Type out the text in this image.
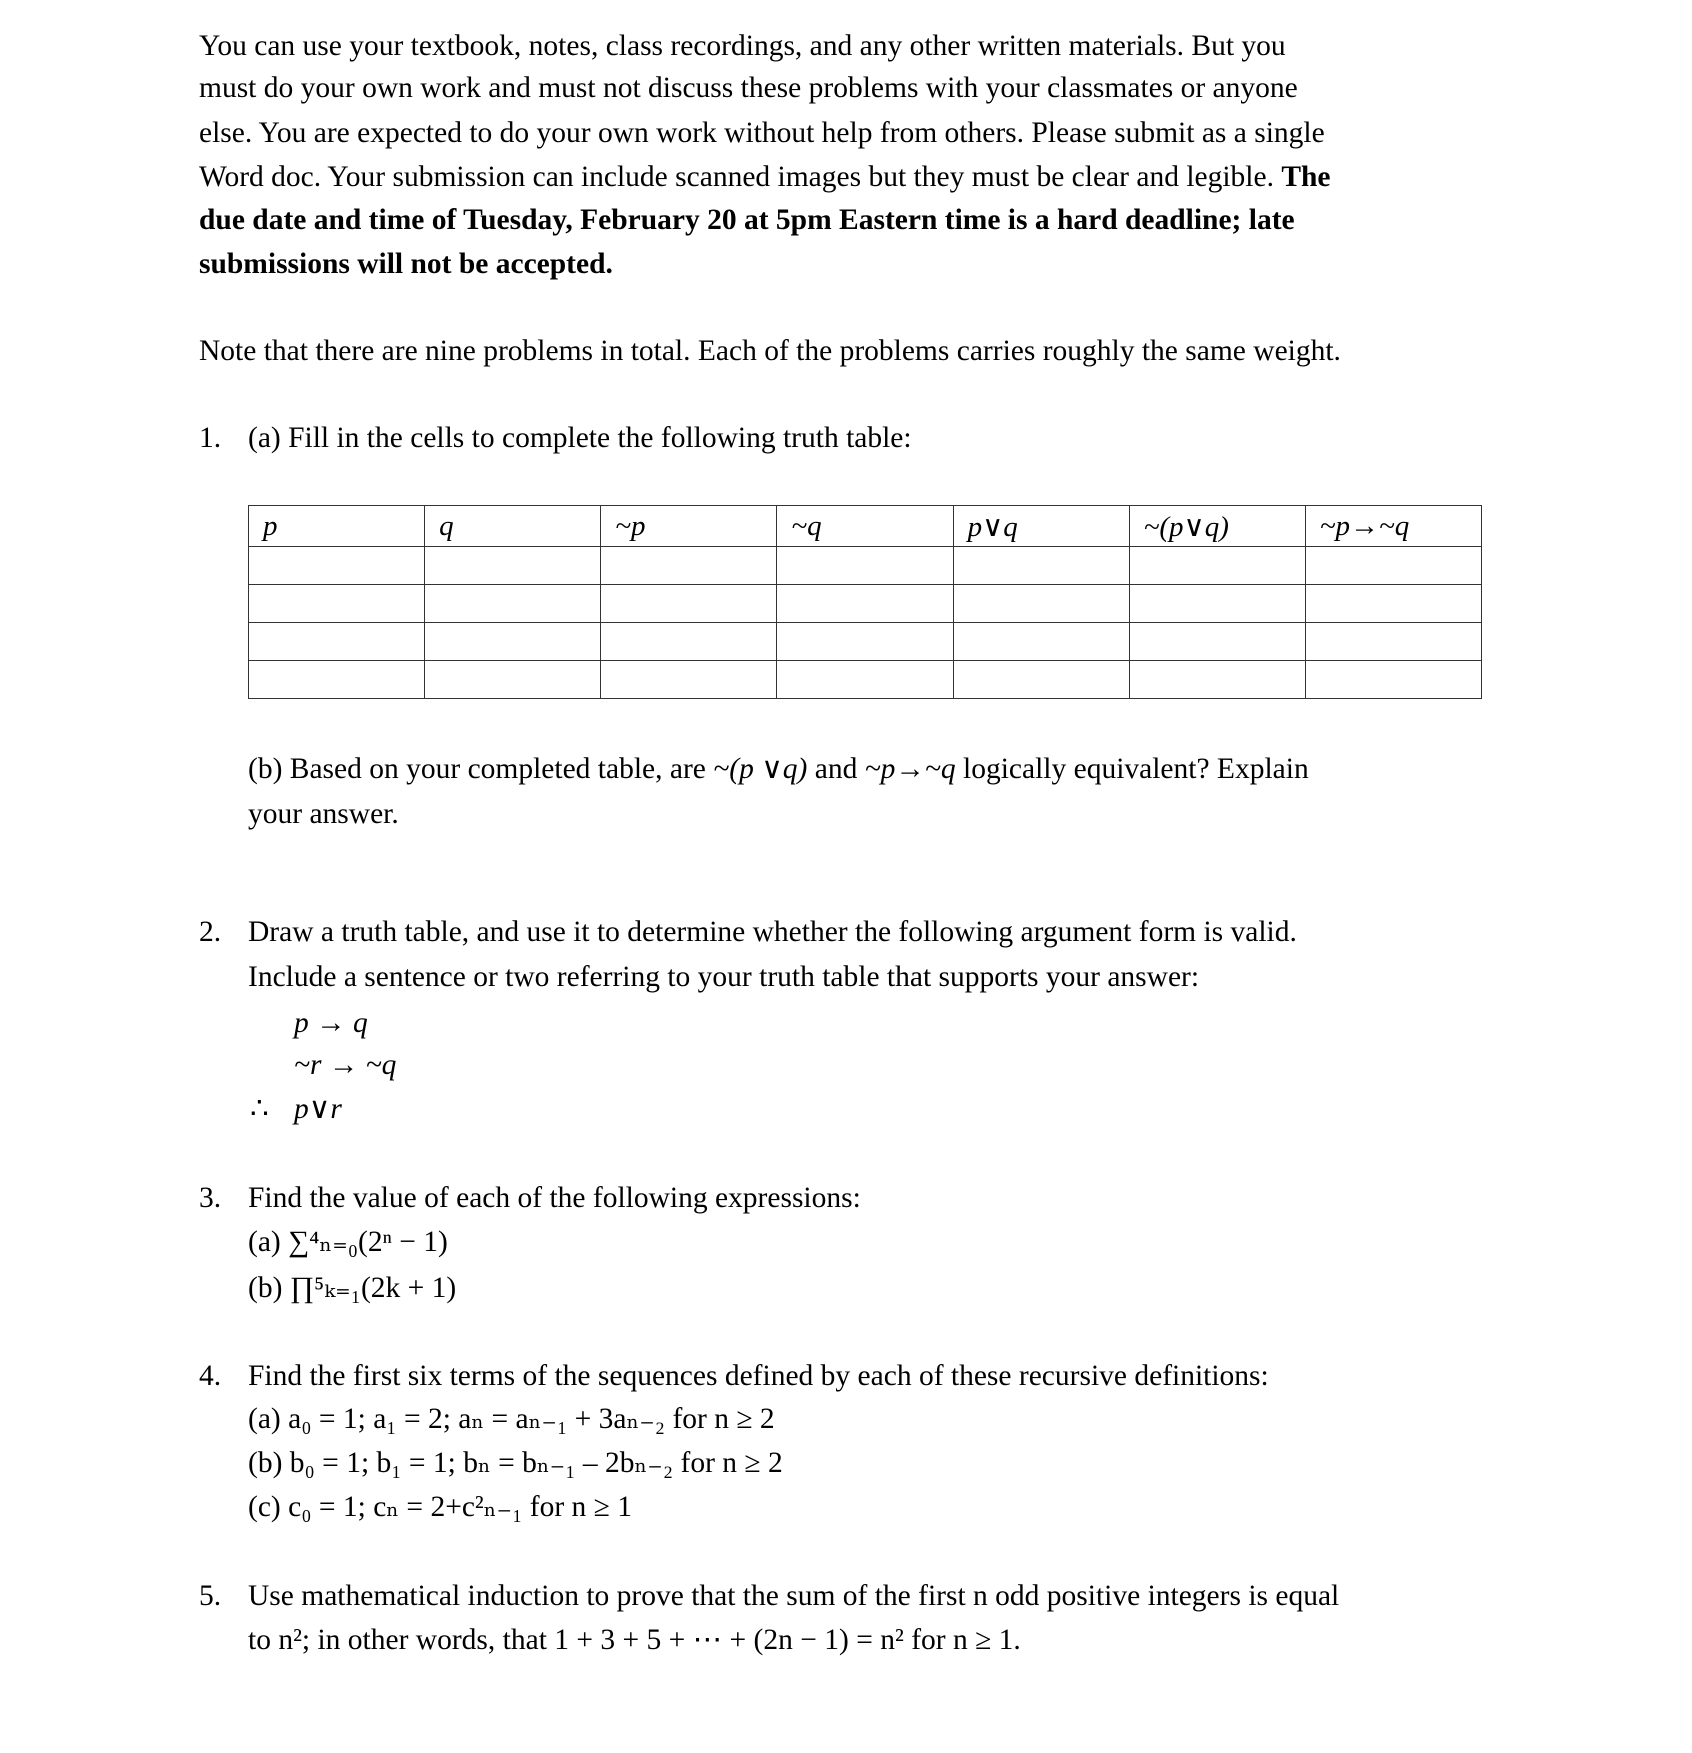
You can use your textbook, notes, class recordings, and any other written materials. But you
must do your own work and must not discuss these problems with your classmates or anyone
else. You are expected to do your own work without help from others. Please submit as a single
Word doc. Your submission can include scanned images but they must be clear and legible. The
due date and time of Tuesday, February 20 at 5pm Eastern time is a hard deadline; late
submissions will not be accepted.
Note that there are nine problems in total. Each of the problems carries roughly the same weight.
1. (a) Fill in the cells to complete the following truth table:
p	q	~p	~q	p∨q	~(p∨q)	~p→~q

(b) Based on your completed table, are ~(p ∨q) and ~p→~q logically equivalent? Explain
your answer.
2. Draw a truth table, and use it to determine whether the following argument form is valid.
Include a sentence or two referring to your truth table that supports your answer:
p → q
~r → ~q
∴ p∨r
3. Find the value of each of the following expressions:
(a) ∑⁴ₙ₌₀(2ⁿ − 1)
(b) ∏⁵ₖ₌₁(2k + 1)
4. Find the first six terms of the sequences defined by each of these recursive definitions:
(a) a₀ = 1; a₁ = 2; aₙ = aₙ₋₁ + 3aₙ₋₂ for n ≥ 2
(b) b₀ = 1; b₁ = 1; bₙ = bₙ₋₁ – 2bₙ₋₂ for n ≥ 2
(c) c₀ = 1; cₙ = 2+c²ₙ₋₁ for n ≥ 1
5. Use mathematical induction to prove that the sum of the first n odd positive integers is equal
to n²; in other words, that 1 + 3 + 5 + ⋯ + (2n − 1) = n² for n ≥ 1.
